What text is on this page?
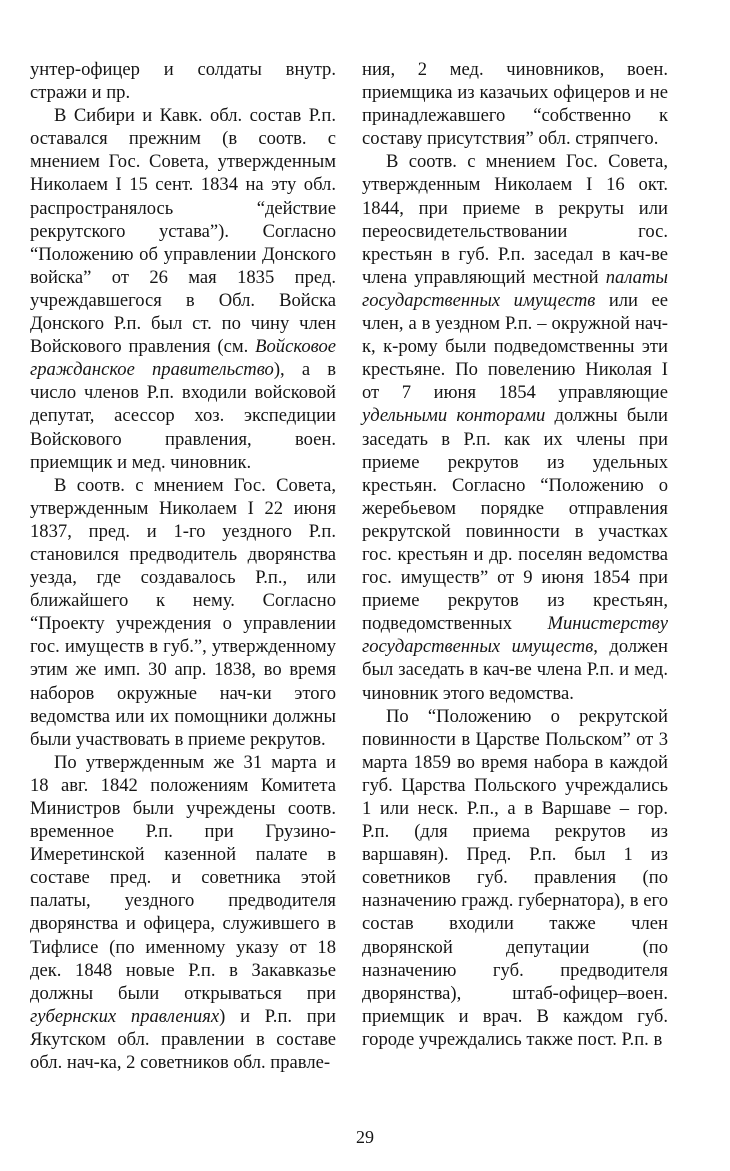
унтер-офицер и солдаты внутр. стражи и пр.

В Сибири и Кавк. обл. состав Р.п. оставался прежним (в соотв. с мнением Гос. Совета, утвержденным Николаем I 15 сент. 1834 на эту обл. распространялось “действие рекрутского устава”). Согласно “Положению об управлении Донского войска” от 26 мая 1835 пред. учреждавшегося в Обл. Войска Донского Р.п. был ст. по чину член Войскового правления (см. Войсковое гражданское правительство), а в число членов Р.п. входили войсковой депутат, асессор хоз. экспедиции Войскового правления, воен. приемщик и мед. чиновник.

В соотв. с мнением Гос. Совета, утвержденным Николаем I 22 июня 1837, пред. и 1-го уездного Р.п. становился предводитель дворянства уезда, где создавалось Р.п., или ближайшего к нему. Согласно “Проекту учреждения о управлении гос. имуществ в губ.”, утвержденному этим же имп. 30 апр. 1838, во время наборов окружные нач-ки этого ведомства или их помощники должны были участвовать в приеме рекрутов.

По утвержденным же 31 марта и 18 авг. 1842 положениям Комитета Министров были учреждены соотв. временное Р.п. при Грузино-Имеретинской казенной палате в составе пред. и советника этой палаты, уездного предводителя дворянства и офицера, служившего в Тифлисе (по именному указу от 18 дек. 1848 новые Р.п. в Закавказье должны были открываться при губернских правлениях) и Р.п. при Якутском обл. правлении в составе обл. нач-ка, 2 советников обл. правле-

ния, 2 мед. чиновников, воен. приемщика из казачьих офицеров и не принадлежавшего “собственно к составу присутствия” обл. стряпчего.

В соотв. с мнением Гос. Совета, утвержденным Николаем I 16 окт. 1844, при приеме в рекруты или переосвидетельствовании гос. крестьян в губ. Р.п. заседал в кач-ве члена управляющий местной палаты государственных имуществ или ее член, а в уездном Р.п. – окружной нач-к, к-рому были подведомственны эти крестьяне. По повелению Николая I от 7 июня 1854 управляющие удельными конторами должны были заседать в Р.п. как их члены при приеме рекрутов из удельных крестьян. Согласно “Положению о жеребьевом порядке отправления рекрутской повинности в участках гос. крестьян и др. поселян ведомства гос. имуществ” от 9 июня 1854 при приеме рекрутов из крестьян, подведомственных Министерству государственных имуществ, должен был заседать в кач-ве члена Р.п. и мед. чиновник этого ведомства.

По “Положению о рекрутской повинности в Царстве Польском” от 3 марта 1859 во время набора в каждой губ. Царства Польского учреждались 1 или неск. Р.п., а в Варшаве – гор. Р.п. (для приема рекрутов из варшавян). Пред. Р.п. был 1 из советников губ. правления (по назначению гражд. губернатора), в его состав входили также член дворянской депутации (по назначению губ. предводителя дворянства), штаб-офицер–воен. приемщик и врач. В каждом губ. городе учреждались также пост. Р.п. в

29
